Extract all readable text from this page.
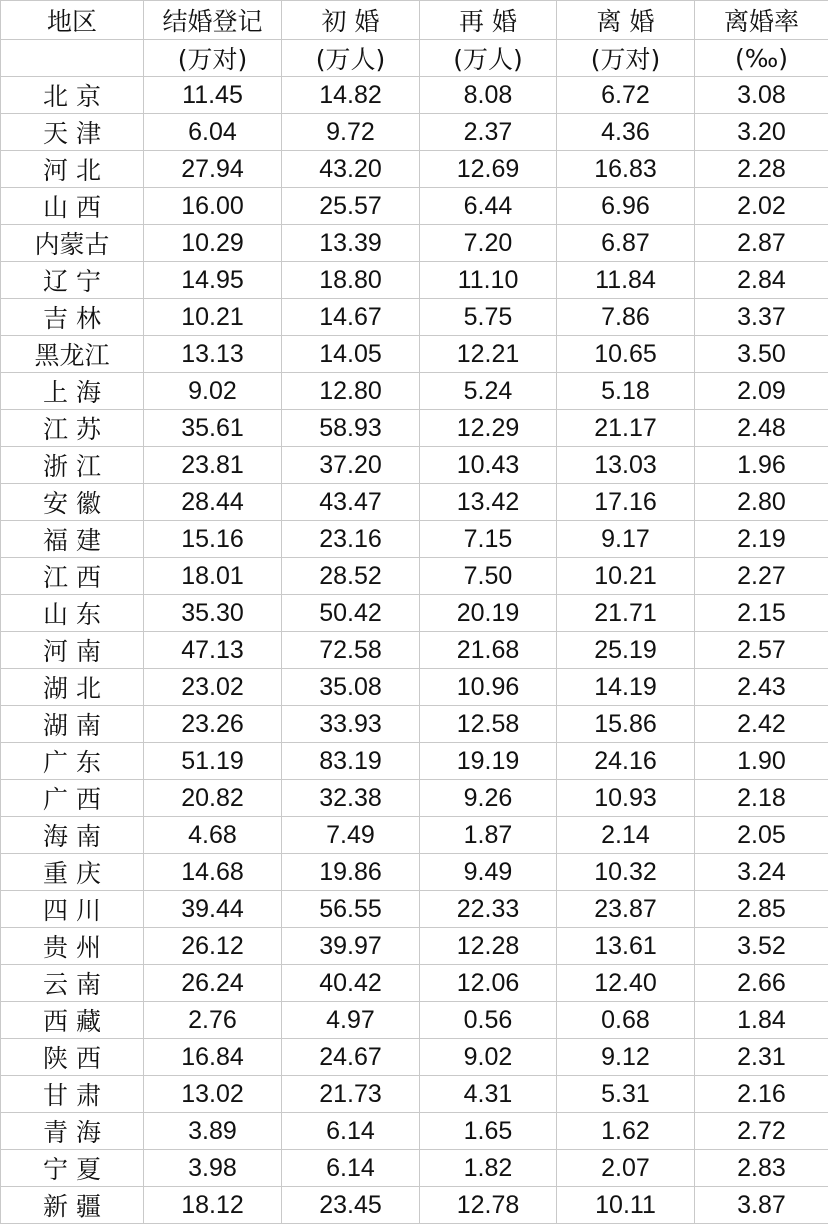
地区	结婚登记	初 婚	再 婚	离 婚	离婚率
	(万对)	(万人)	(万人)	(万对)	(‰)
北 京	11.45	14.82	8.08	6.72	3.08
天 津	6.04	9.72	2.37	4.36	3.20
河 北	27.94	43.20	12.69	16.83	2.28
山 西	16.00	25.57	6.44	6.96	2.02
内蒙古	10.29	13.39	7.20	6.87	2.87
辽 宁	14.95	18.80	11.10	11.84	2.84
吉 林	10.21	14.67	5.75	7.86	3.37
黑龙江	13.13	14.05	12.21	10.65	3.50
上 海	9.02	12.80	5.24	5.18	2.09
江 苏	35.61	58.93	12.29	21.17	2.48
浙 江	23.81	37.20	10.43	13.03	1.96
安 徽	28.44	43.47	13.42	17.16	2.80
福 建	15.16	23.16	7.15	9.17	2.19
江 西	18.01	28.52	7.50	10.21	2.27
山 东	35.30	50.42	20.19	21.71	2.15
河 南	47.13	72.58	21.68	25.19	2.57
湖 北	23.02	35.08	10.96	14.19	2.43
湖 南	23.26	33.93	12.58	15.86	2.42
广 东	51.19	83.19	19.19	24.16	1.90
广 西	20.82	32.38	9.26	10.93	2.18
海 南	4.68	7.49	1.87	2.14	2.05
重 庆	14.68	19.86	9.49	10.32	3.24
四 川	39.44	56.55	22.33	23.87	2.85
贵 州	26.12	39.97	12.28	13.61	3.52
云 南	26.24	40.42	12.06	12.40	2.66
西 藏	2.76	4.97	0.56	0.68	1.84
陕 西	16.84	24.67	9.02	9.12	2.31
甘 肃	13.02	21.73	4.31	5.31	2.16
青 海	3.89	6.14	1.65	1.62	2.72
宁 夏	3.98	6.14	1.82	2.07	2.83
新 疆	18.12	23.45	12.78	10.11	3.87
